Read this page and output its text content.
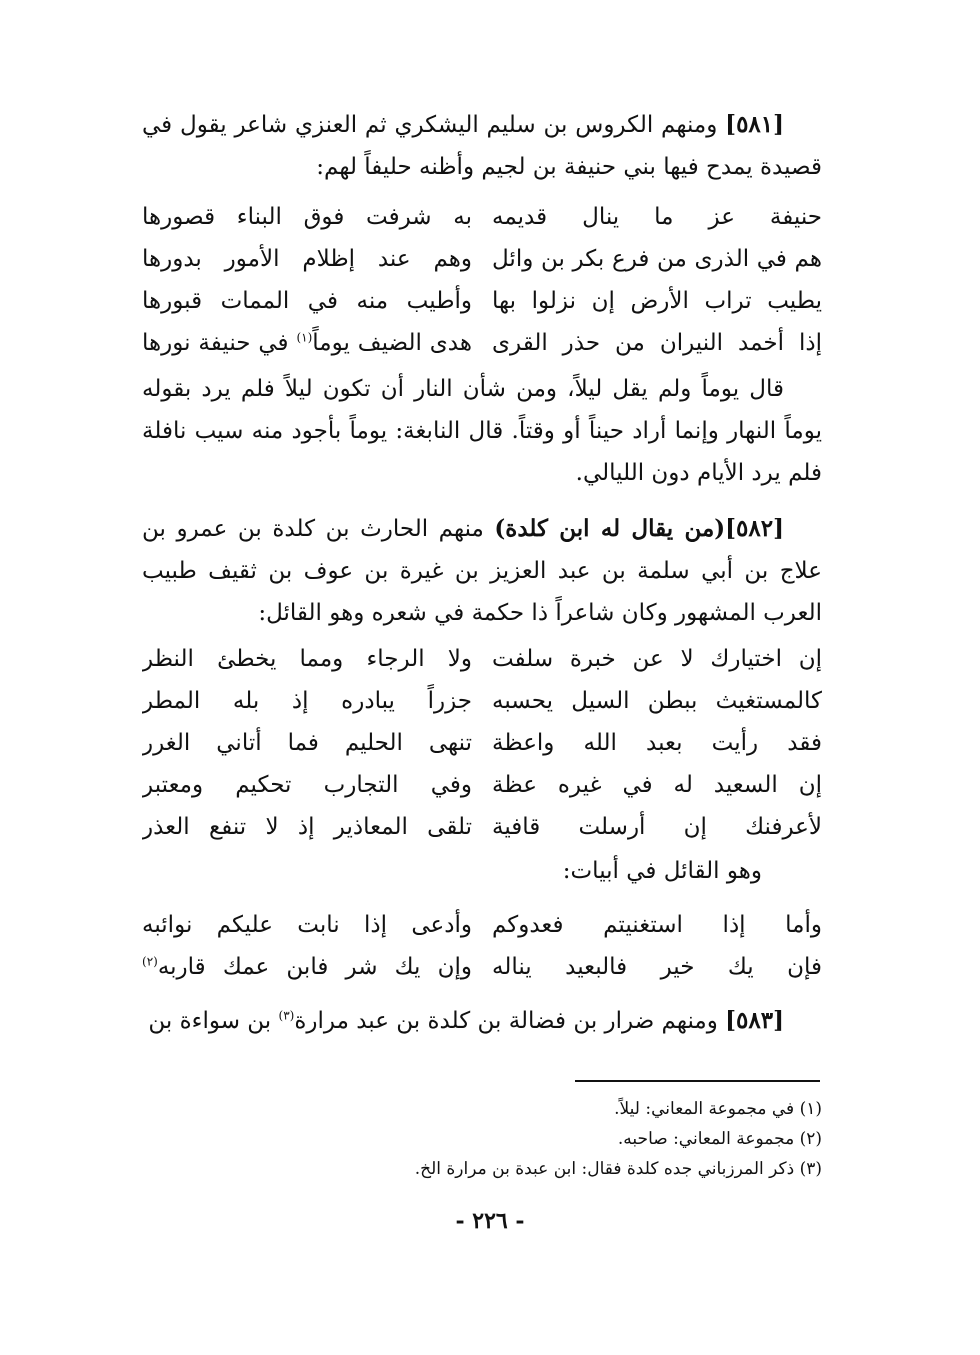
[٥٨١] ومنهم الكروس بن سليم اليشكري ثم العنزي شاعر يقول في قصيدة يمدح فيها بني حنيفة بن لجيم وأظنه حليفاً لهم:
حنيفة عز ما ينال قديمه
به شرفت فوق البناء قصورها
هم في الذرى من فرع بكر بن وائل
وهم عند إظلام الأمور بدورها
يطيب تراب الأرض إن نزلوا بها
وأطيب منه في الممات قبورها
إذا أخمد النيران من حذر القرى
هدى الضيف يوماً$^{(١)}$ في حنيفة نورها
قال يوماً ولم يقل ليلاً، ومن شأن النار أن تكون ليلاً فلم يرد بقوله يوماً النهار وإنما أراد حيناً أو وقتاً. قال النابغة: يوماً بأجود منه سيب نافلة فلم يرد الأيام دون الليالي.
[٥٨٢](من يقال له ابن كلدة) منهم الحارث بن كلدة بن عمرو بن علاج بن أبي سلمة بن عبد العزيز بن غيرة بن عوف بن ثقيف طبيب العرب المشهور وكان شاعراً ذا حكمة في شعره وهو القائل:
إن اختيارك لا عن خبرة سلفت
ولا الرجاء ومما يخطئ النظر
كالمستغيث ببطن السيل يحسبه
جزراً يبادره إذ بله المطر
فقد رأيت بعبد الله واعظة
تنهى الحليم فما أتاني الغرر
إن السعيد له في غيره عظة
وفي التجارب تحكيم ومعتبر
لأعرفنك إن أرسلت قافية
تلقى المعاذير إذ لا تنفع العذر
وهو القائل في أبيات:
وأما إذا استغنيتم فعدوكم
وأدعى إذا نابت عليكم نوائبه
فإن يك خير فالبعيد يناله
وإن يك شر فابن عمك قاربه$^{(٢)}$
[٥٨٣] ومنهم ضرار بن فضالة بن كلدة بن عبد مرارة$^{(٣)}$ بن سواءة بن
(١) في مجموعة المعاني: ليلاً.
(٢) مجموعة المعاني: صاحبه.
(٣) ذكر المرزباني جده كلدة فقال: ابن عبدة بن مرارة الخ.
- ٢٢٦ -
